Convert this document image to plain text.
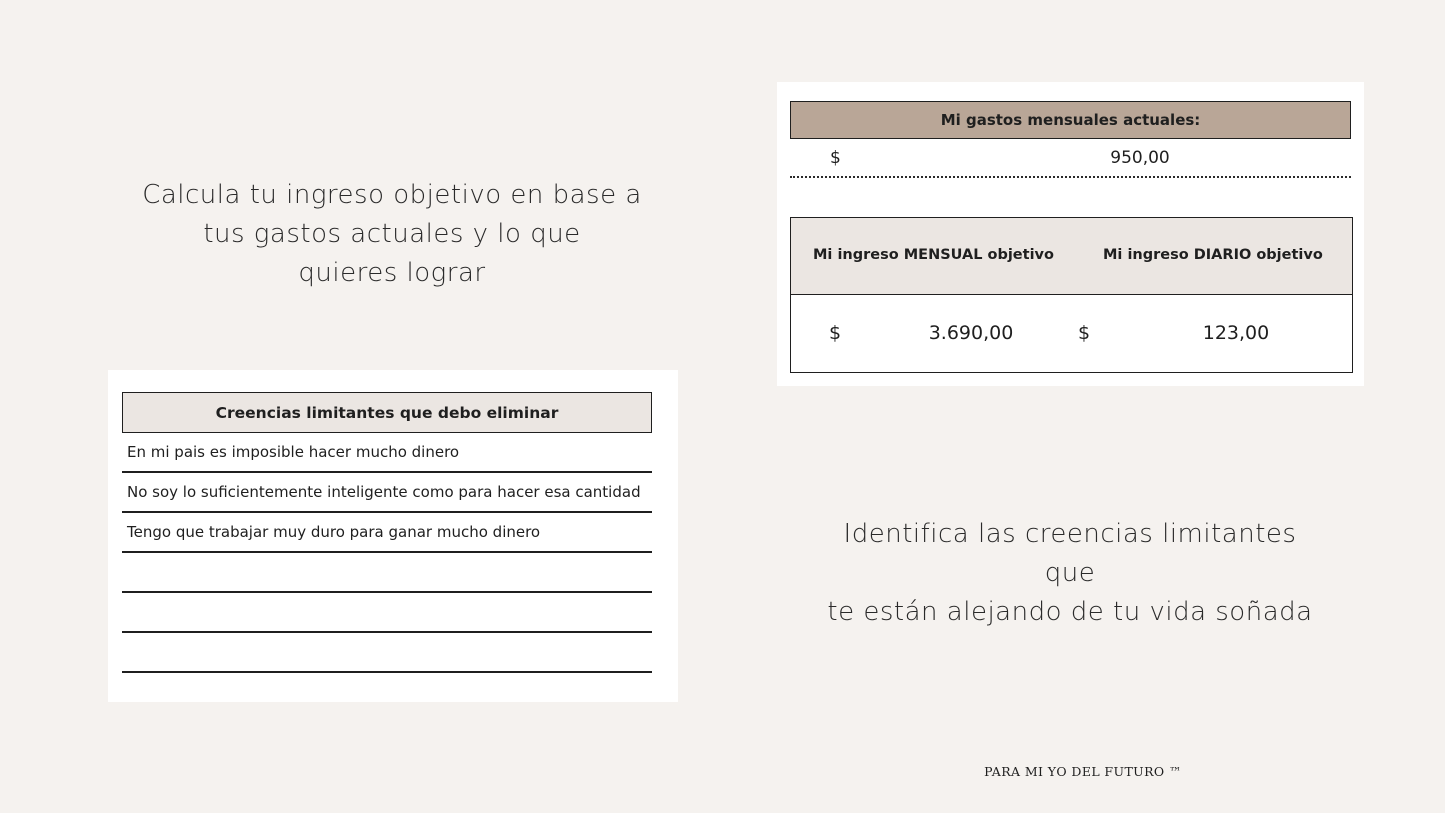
Calcula tu ingreso objetivo en base a
tus gastos actuales y lo que
quieres lograr
Mi gastos mensuales actuales:
$	950,00
Mi ingreso MENSUAL objetivo	Mi ingreso DIARIO objetivo
$	3.690,00	$	123,00
Creencias limitantes que debo eliminar
En mi pais es imposible hacer mucho dinero
No soy lo suficientemente inteligente como para hacer esa cantidad
Tengo que trabajar muy duro para ganar mucho dinero	Identifica las creencias limitantes que
te están alejando de tu vida soñada
PARA MI YO DEL FUTURO ™
